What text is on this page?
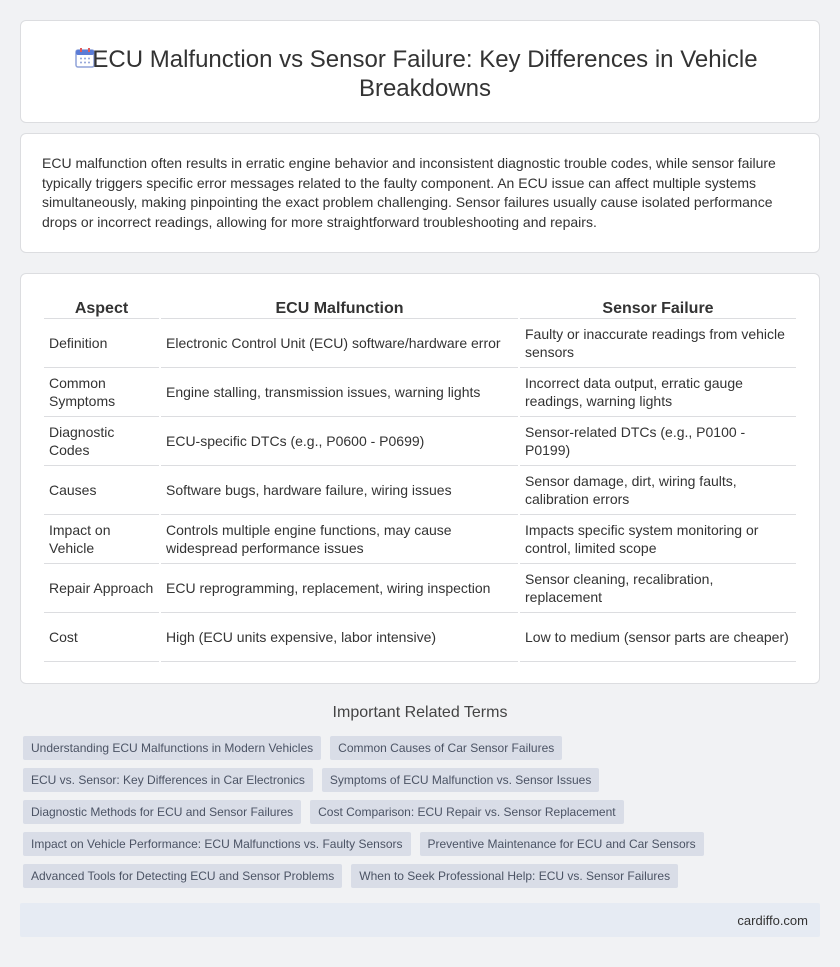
ECU Malfunction vs Sensor Failure: Key Differences in Vehicle Breakdowns

ECU malfunction often results in erratic engine behavior and inconsistent diagnostic trouble codes, while sensor failure typically triggers specific error messages related to the faulty component. An ECU issue can affect multiple systems simultaneously, making pinpointing the exact problem challenging. Sensor failures usually cause isolated performance drops or incorrect readings, allowing for more straightforward troubleshooting and repairs.

Aspect	ECU Malfunction	Sensor Failure
Definition	Electronic Control Unit (ECU) software/hardware error	Faulty or inaccurate readings from vehicle sensors
Common Symptoms	Engine stalling, transmission issues, warning lights	Incorrect data output, erratic gauge readings, warning lights
Diagnostic Codes	ECU-specific DTCs (e.g., P0600 - P0699)	Sensor-related DTCs (e.g., P0100 - P0199)
Causes	Software bugs, hardware failure, wiring issues	Sensor damage, dirt, wiring faults, calibration errors
Impact on Vehicle	Controls multiple engine functions, may cause widespread performance issues	Impacts specific system monitoring or control, limited scope
Repair Approach	ECU reprogramming, replacement, wiring inspection	Sensor cleaning, recalibration, replacement
Cost	High (ECU units expensive, labor intensive)	Low to medium (sensor parts are cheaper)
Important Related Terms
Understanding ECU Malfunctions in Modern Vehicles	Common Causes of Car Sensor Failures
ECU vs. Sensor: Key Differences in Car Electronics	Symptoms of ECU Malfunction vs. Sensor Issues
Diagnostic Methods for ECU and Sensor Failures	Cost Comparison: ECU Repair vs. Sensor Replacement
Impact on Vehicle Performance: ECU Malfunctions vs. Faulty Sensors	Preventive Maintenance for ECU and Car Sensors
Advanced Tools for Detecting ECU and Sensor Problems	When to Seek Professional Help: ECU vs. Sensor Failures
cardiffo.com
